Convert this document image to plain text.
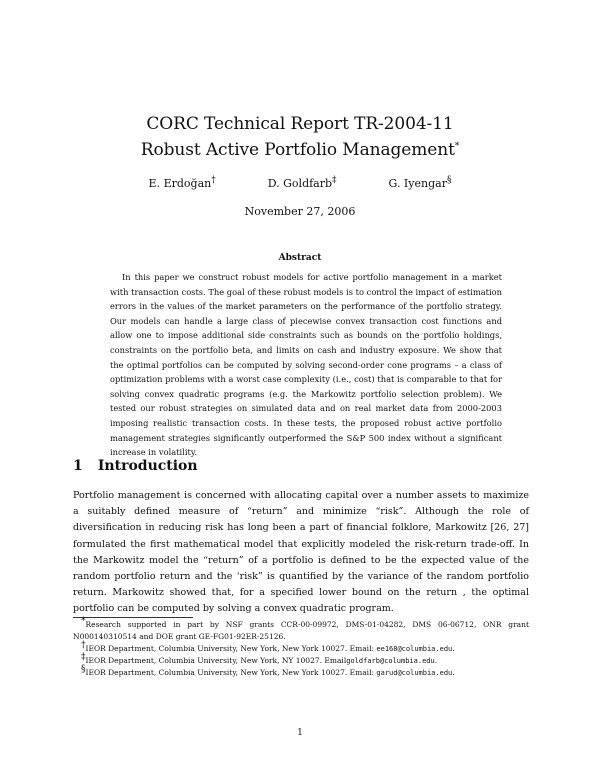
CORC Technical Report TR-2004-11
Robust Active Portfolio Management*
E. Erdoğan†	D. Goldfarb‡	G. Iyengar§
November 27, 2006
Abstract

In this paper we construct robust models for active portfolio management in a market with transaction costs. The goal of these robust models is to control the impact of estimation errors in the values of the market parameters on the performance of the portfolio strategy. Our models can handle a large class of piecewise convex transaction cost functions and allow one to impose additional side constraints such as bounds on the portfolio holdings, constraints on the portfolio beta, and limits on cash and industry exposure. We show that the optimal portfolios can be computed by solving second-order cone programs – a class of optimization problems with a worst case complexity (i.e., cost) that is comparable to that for solving convex quadratic programs (e.g. the Markowitz portfolio selection problem). We tested our robust strategies on simulated data and on real market data from 2000-2003 imposing realistic transaction costs. In these tests, the proposed robust active portfolio management strategies significantly outperformed the S&P 500 index without a significant increase in volatility.

1 Introduction

Portfolio management is concerned with allocating capital over a number assets to maximize a suitably defined measure of “return” and minimize “risk”. Although the role of diversification in reducing risk has long been a part of financial folklore, Markowitz [26, 27] formulated the first mathematical model that explicitly modeled the risk-return trade-off. In the Markowitz model the “return” of a portfolio is defined to be the expected value of the random portfolio return and the ‘risk” is quantified by the variance of the random portfolio return. Markowitz showed that, for a specified lower bound on the return , the optimal portfolio can be computed by solving a convex quadratic program.

*Research supported in part by NSF grants CCR-00-09972, DMS-01-04282, DMS 06-06712, ONR grant N000140310514 and DOE grant GE-FG01-92ER-25126.

†IEOR Department, Columbia University, New York, New York 10027. Email: ee168@columbia.edu.

‡IEOR Department, Columbia University, New York, NY 10027. Emailgoldfarb@columbia.edu.

§IEOR Department, Columbia University, New York, New York 10027. Email: garud@columbia.edu.

1
